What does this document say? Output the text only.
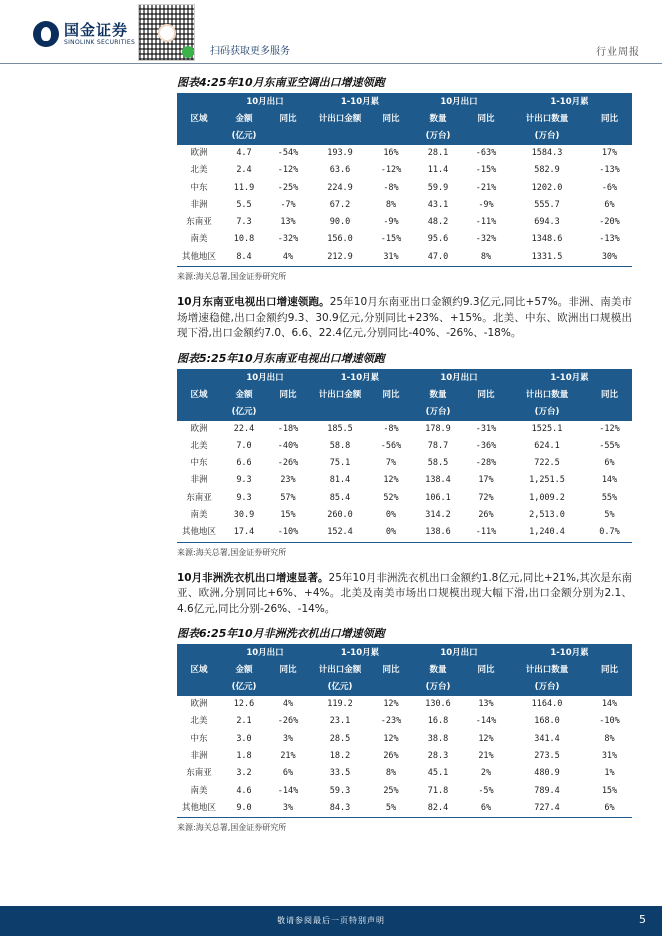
国金证券
SINOLINK SECURITIES
扫码获取更多服务	行业周报
图表4:25年10月东南亚空调出口增速领跑
	10月出口		1-10月累		10月出口		1-10月累	
区域	金额	同比	计出口金额	同比	数量	同比	计出口数量	同比
	(亿元)				(万台)		(万台)	
欧洲	4.7	-54%	193.9	16%	28.1	-63%	1584.3	17%
北美	2.4	-12%	63.6	-12%	11.4	-15%	582.9	-13%
中东	11.9	-25%	224.9	-8%	59.9	-21%	1202.0	-6%
非洲	5.5	-7%	67.2	8%	43.1	-9%	555.7	6%
东南亚	7.3	13%	90.0	-9%	48.2	-11%	694.3	-20%
南美	10.8	-32%	156.0	-15%	95.6	-32%	1348.6	-13%
其他地区	8.4	4%	212.9	31%	47.0	8%	1331.5	30%
来源:海关总署,国金证券研究所
10月东南亚电视出口增速领跑。25年10月东南亚出口金额约9.3亿元,同比+57%。非洲、南美市场增速稳健,出口金额约9.3、30.9亿元,分别同比+23%、+15%。北美、中东、欧洲出口规模出现下滑,出口金额约7.0、6.6、22.4亿元,分别同比-40%、-26%、-18%。
图表5:25年10月东南亚电视出口增速领跑
	10月出口		1-10月累		10月出口		1-10月累	
区域	金额	同比	计出口金额	同比	数量	同比	计出口数量	同比
	(亿元)				(万台)		(万台)	
欧洲	22.4	-18%	185.5	-8%	178.9	-31%	1525.1	-12%
北美	7.0	-40%	58.8	-56%	78.7	-36%	624.1	-55%
中东	6.6	-26%	75.1	7%	58.5	-28%	722.5	6%
非洲	9.3	23%	81.4	12%	138.4	17%	1,251.5	14%
东南亚	9.3	57%	85.4	52%	106.1	72%	1,009.2	55%
南美	30.9	15%	260.0	0%	314.2	26%	2,513.0	5%
其他地区	17.4	-10%	152.4	0%	138.6	-11%	1,240.4	0.7%
来源:海关总署,国金证券研究所
10月非洲洗衣机出口增速显著。25年10月非洲洗衣机出口金额约1.8亿元,同比+21%,其次是东南亚、欧洲,分别同比+6%、+4%。北美及南美市场出口规模出现大幅下滑,出口金额分别为2.1、4.6亿元,同比分别-26%、-14%。
图表6:25年10月非洲洗衣机出口增速领跑
	10月出口		1-10月累		10月出口		1-10月累	
区域	金额	同比	计出口金额	同比	数量	同比	计出口数量	同比
	(亿元)		(亿元)		(万台)		(万台)	
欧洲	12.6	4%	119.2	12%	130.6	13%	1164.0	14%
北美	2.1	-26%	23.1	-23%	16.8	-14%	168.0	-10%
中东	3.0	3%	28.5	12%	38.8	12%	341.4	8%
非洲	1.8	21%	18.2	26%	28.3	21%	273.5	31%
东南亚	3.2	6%	33.5	8%	45.1	2%	480.9	1%
南美	4.6	-14%	59.3	25%	71.8	-5%	789.4	15%
其他地区	9.0	3%	84.3	5%	82.4	6%	727.4	6%
来源:海关总署,国金证券研究所
敬请参阅最后一页特别声明	5
